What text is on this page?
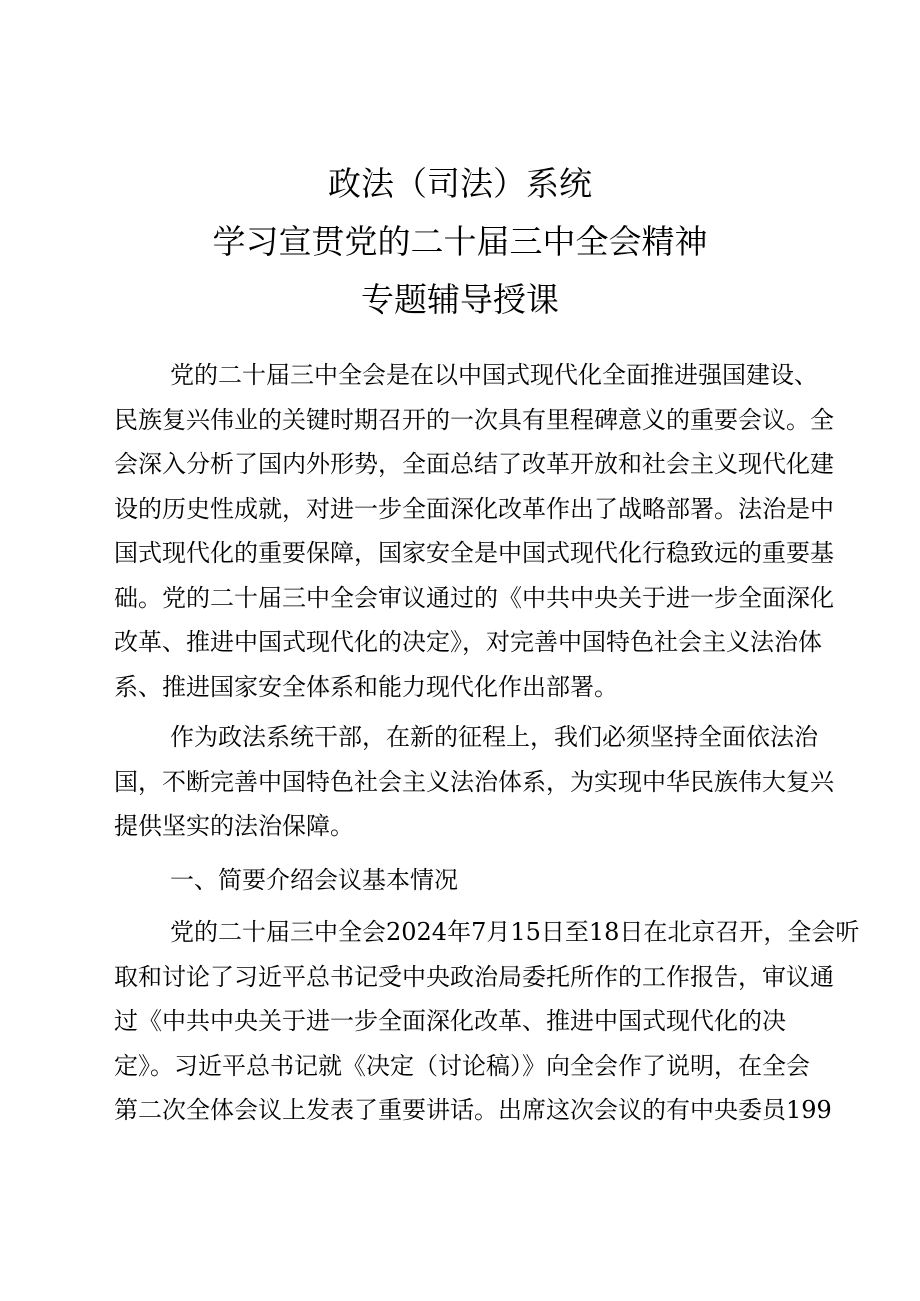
政法（司法）系统
学习宣贯党的二十届三中全会精神
专题辅导授课
党的二十届三中全会是在以中国式现代化全面推进强国建设、
民族复兴伟业的关键时期召开的一次具有里程碑意义的重要会议。全
会深入分析了国内外形势，全面总结了改革开放和社会主义现代化建
设的历史性成就，对进一步全面深化改革作出了战略部署。法治是中
国式现代化的重要保障，国家安全是中国式现代化行稳致远的重要基
础。党的二十届三中全会审议通过的《中共中央关于进一步全面深化
改革、推进中国式现代化的决定》，对完善中国特色社会主义法治体
系、推进国家安全体系和能力现代化作出部署。
作为政法系统干部，在新的征程上，我们必须坚持全面依法治
国，不断完善中国特色社会主义法治体系，为实现中华民族伟大复兴
提供坚实的法治保障。
一、简要介绍会议基本情况
党的二十届三中全会2024年7月15日至18日在北京召开，全会听
取和讨论了习近平总书记受中央政治局委托所作的工作报告，审议通
过《中共中央关于进一步全面深化改革、推进中国式现代化的决
定》。习近平总书记就《决定（讨论稿）》向全会作了说明，在全会
第二次全体会议上发表了重要讲话。出席这次会议的有中央委员199
